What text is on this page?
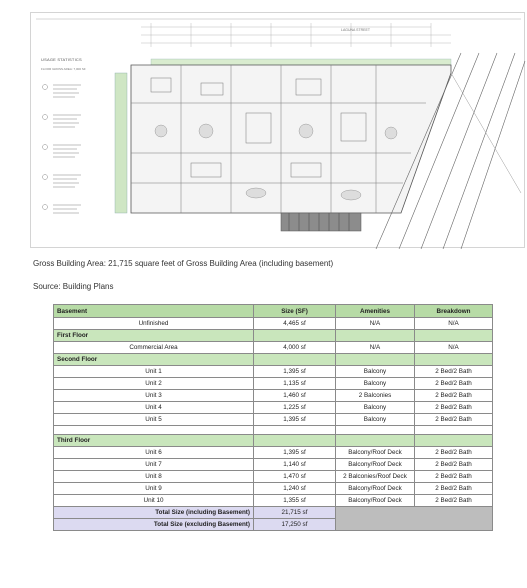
LAGUNA STREET
USAGE STATISTICS
FLOOR GROSS AREA: 7,000 SF
Gross Building Area: 21,715 square feet of Gross Building Area (including basement)
Source: Building Plans
Basement	Size (SF)	Amenities	Breakdown
Unfinished	4,465 sf	N/A	N/A
First Floor			
Commercial Area	4,000 sf	N/A	N/A
Second Floor			
Unit 1	1,395 sf	Balcony	2 Bed/2 Bath
Unit 2	1,135 sf	Balcony	2 Bed/2 Bath
Unit 3	1,460 sf	2 Balconies	2 Bed/2 Bath
Unit 4	1,225 sf	Balcony	2 Bed/2 Bath
Unit 5	1,395 sf	Balcony	2 Bed/2 Bath

Third Floor			
Unit 6	1,395 sf	Balcony/Roof Deck	2 Bed/2 Bath
Unit 7	1,140 sf	Balcony/Roof Deck	2 Bed/2 Bath
Unit 8	1,470 sf	2 Balconies/Roof Deck	2 Bed/2 Bath
Unit 9	1,240 sf	Balcony/Roof Deck	2 Bed/2 Bath
Unit 10	1,355 sf	Balcony/Roof Deck	2 Bed/2 Bath
Total Size (including Basement)	21,715 sf		
Total Size (excluding Basement)	17,250 sf		
